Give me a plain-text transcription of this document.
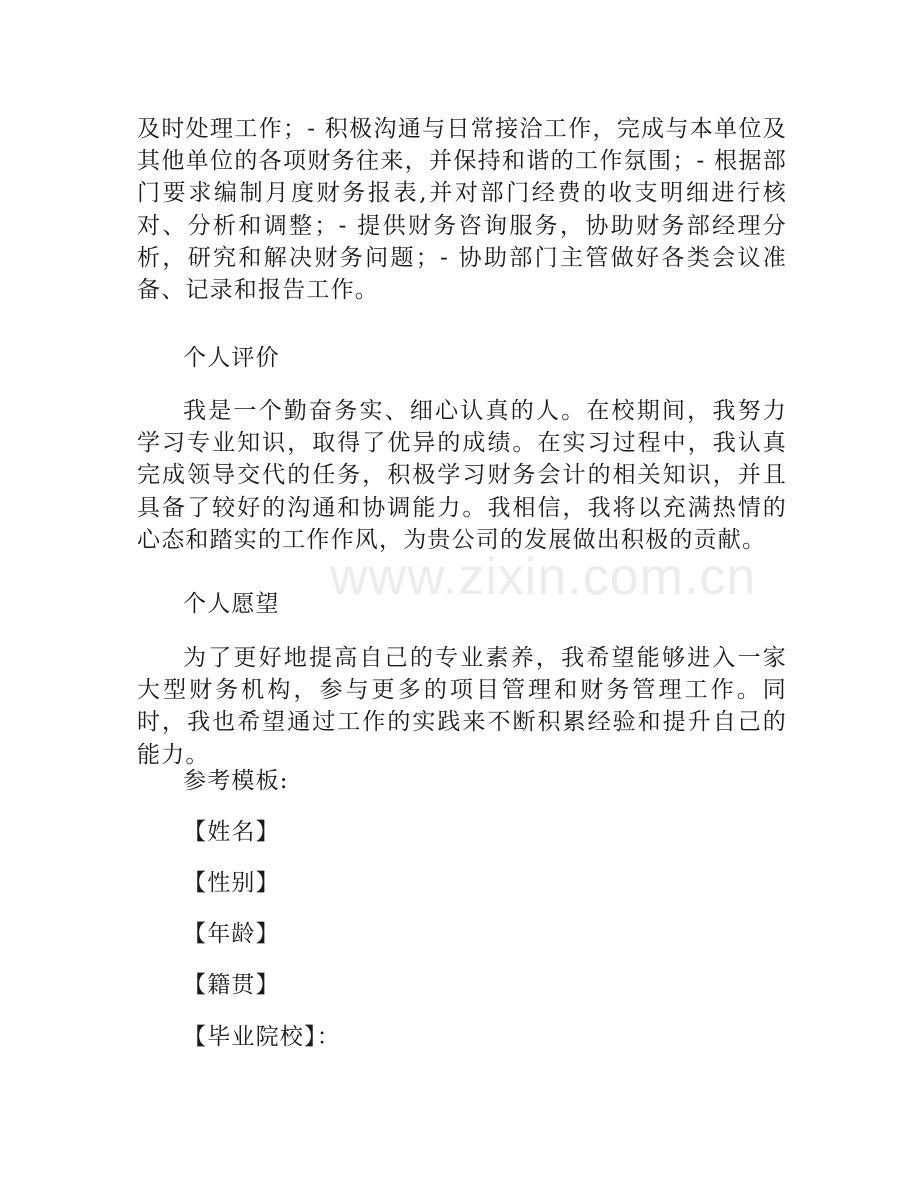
及时处理工作；- 积极沟通与日常接洽工作，完成与本单位及其他单位的各项财务往来，并保持和谐的工作氛围；- 根据部门要求编制月度财务报表,并对部门经费的收支明细进行核对、分析和调整；- 提供财务咨询服务，协助财务部经理分析，研究和解决财务问题；- 协助部门主管做好各类会议准备、记录和报告工作。

个人评价

我是一个勤奋务实、细心认真的人。在校期间，我努力学习专业知识，取得了优异的成绩。在实习过程中，我认真完成领导交代的任务，积极学习财务会计的相关知识，并且具备了较好的沟通和协调能力。我相信，我将以充满热情的心态和踏实的工作作风，为贵公司的发展做出积极的贡献。

个人愿望

为了更好地提高自己的专业素养，我希望能够进入一家大型财务机构，参与更多的项目管理和财务管理工作。同时，我也希望通过工作的实践来不断积累经验和提升自己的能力。

参考模板:

【姓名】

【性别】

【年龄】

【籍贯】

【毕业院校】：

www.zixin.com.cn
